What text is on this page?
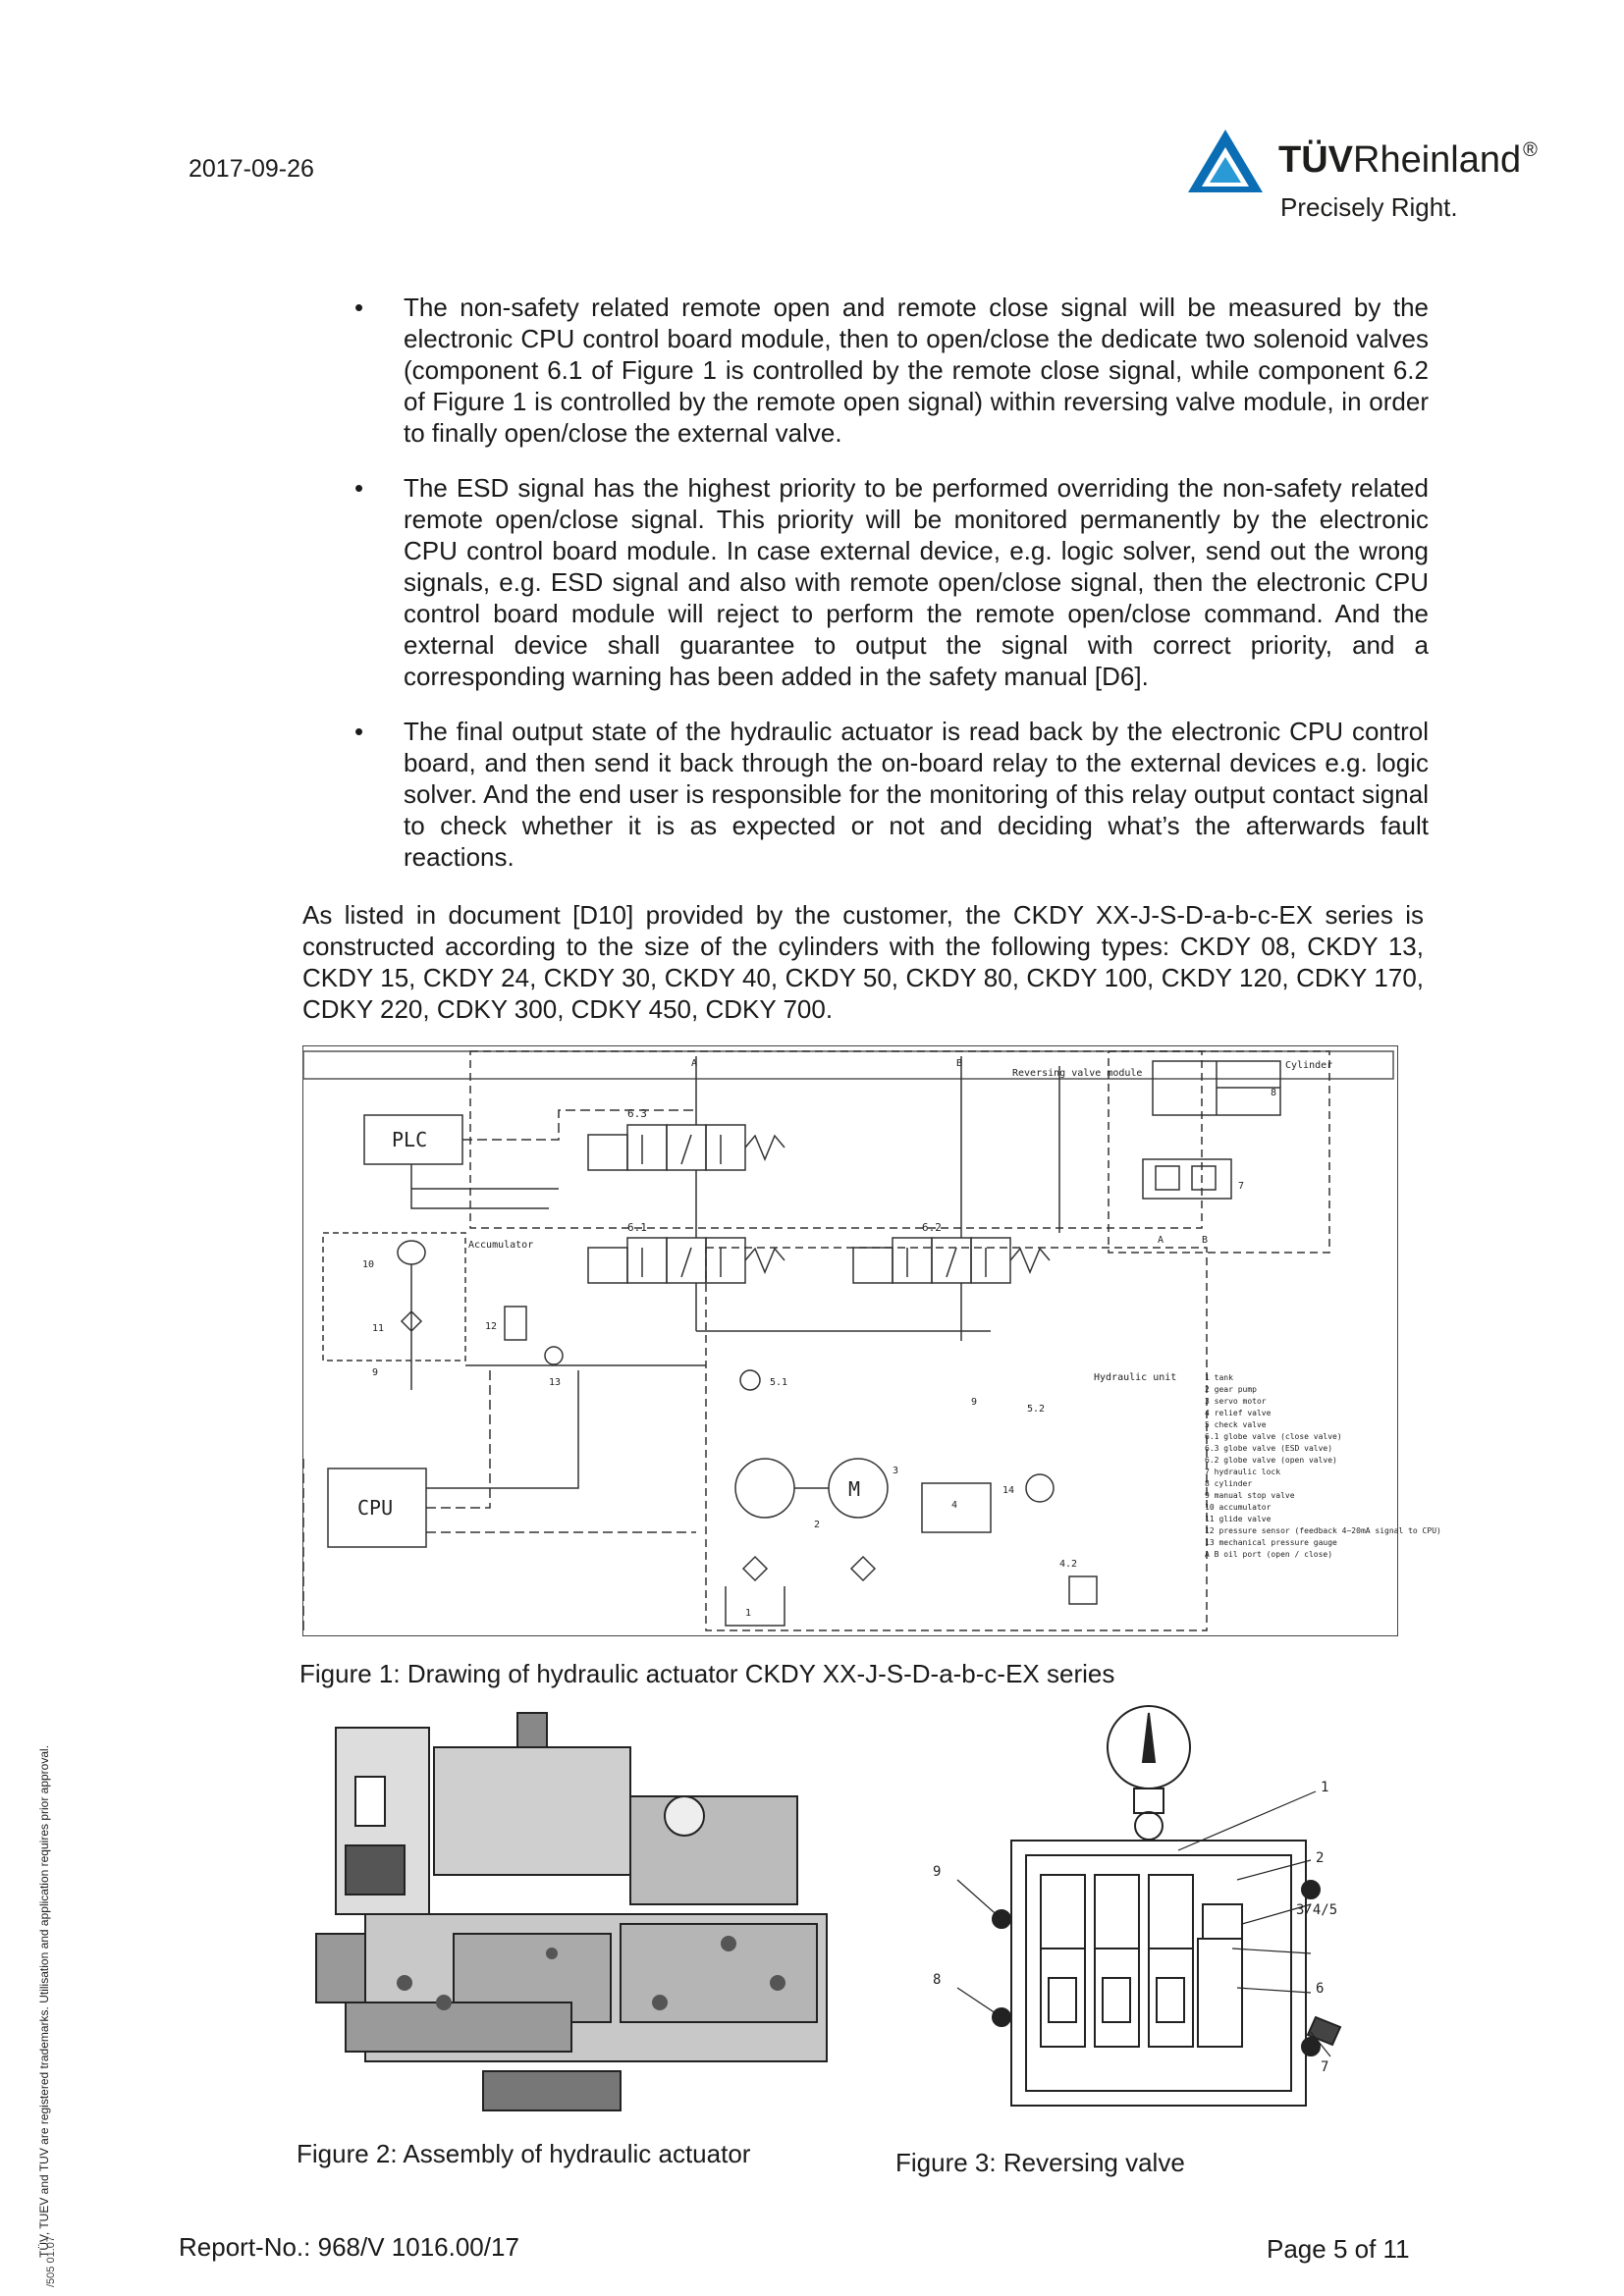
2017-09-26	TÜVRheinland ®
Precisely Right.
• The non-safety related remote open and remote close signal will be measured by the electronic CPU control board module, then to open/close the dedicate two solenoid valves (component 6.1 of Figure 1 is controlled by the remote close signal, while component 6.2 of Figure 1 is controlled by the remote open signal) within reversing valve module, in order to finally open/close the external valve.
• The ESD signal has the highest priority to be performed overriding the non-safety related remote open/close signal. This priority will be monitored permanently by the electronic CPU control board module. In case external device, e.g. logic solver, send out the wrong signals, e.g. ESD signal and also with remote open/close signal, then the electronic CPU control board module will reject to perform the remote open/close command. And the external device shall guarantee to output the signal with correct priority, and a corresponding warning has been added in the safety manual [D6].
• The final output state of the hydraulic actuator is read back by the electronic CPU control board, and then send it back through the on-board relay to the external devices e.g. logic solver. And the end user is responsible for the monitoring of this relay output contact signal to check whether it is as expected or not and deciding what’s the afterwards fault reactions.

As listed in document [D10] provided by the customer, the CKDY XX-J-S-D-a-b-c-EX series is constructed according to the size of the cylinders with the following types: CKDY 08, CKDY 13, CKDY 15, CKDY 24, CKDY 30, CKDY 40, CKDY 50, CKDY 80, CKDY 100, CKDY 120, CDKY 170, CDKY 220, CDKY 300, CDKY 450, CDKY 700.

PLC
CPU
6.3
6.1	6.2
A	B
Reversing valve module
Cylinder
8
7
A	B
Accumulator
10
11
9
12
13	Hydraulic unit
5.1
5.2
9
M
2
3
4
14
1
4.2
1 tank
2 gear pump
3 servo motor
4 relief valve
5 check valve
6.1 globe valve (close valve)
6.3 globe valve (ESD valve)
6.2 globe valve (open valve)
7 hydraulic lock
8 cylinder
9 manual stop valve
10 accumulator
11 glide valve
12 pressure sensor (feedback 4~20mA signal to CPU)
13 mechanical pressure gauge
A B oil port (open / close)
Figure 1: Drawing of hydraulic actuator CKDY XX-J-S-D-a-b-c-EX series
Figure 2: Assembly of hydraulic actuator
1
2
3/4/5
6
7
8
9
Figure 3: Reversing valve
TÜV, TUEV and TUV are registered trademarks. Utilisation and application requires prior approval.
/505 01.07	Report-No.: 968/V 1016.00/17	Page 5 of 11
